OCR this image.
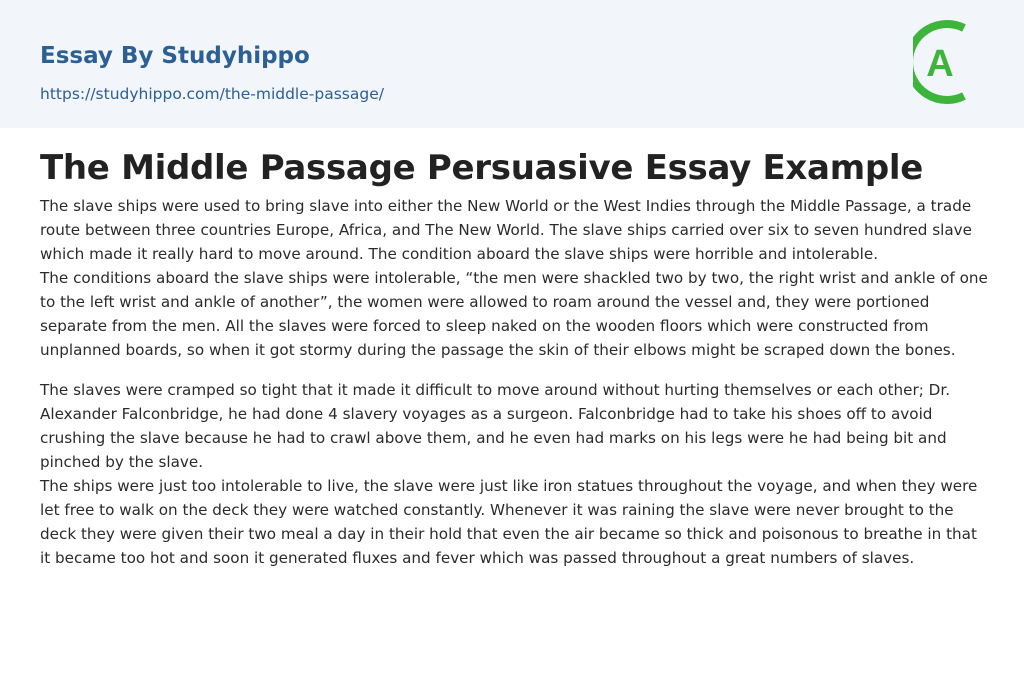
Essay By Studyhippo
https://studyhippo.com/the-middle-passage/
A
The Middle Passage Persuasive Essay Example

The slave ships were used to bring slave into either the New World or the West Indies through the Middle Passage, a trade route between three countries Europe, Africa, and The New World. The slave ships carried over six to seven hundred slave which made it really hard to move around. The condition aboard the slave ships were horrible and intolerable.

The conditions aboard the slave ships were intolerable, “the men were shackled two by two, the right wrist and ankle of one to the left wrist and ankle of another”, the women were allowed to roam around the vessel and, they were portioned separate from the men. All the slaves were forced to sleep naked on the wooden floors which were constructed from unplanned boards, so when it got stormy during the passage the skin of their elbows might be scraped down the bones.

The slaves were cramped so tight that it made it difficult to move around without hurting themselves or each other; Dr. Alexander Falconbridge, he had done 4 slavery voyages as a surgeon. Falconbridge had to take his shoes off to avoid crushing the slave because he had to crawl above them, and he even had marks on his legs were he had being bit and pinched by the slave.

The ships were just too intolerable to live, the slave were just like iron statues throughout the voyage, and when they were let free to walk on the deck they were watched constantly. Whenever it was raining the slave were never brought to the deck they were given their two meal a day in their hold that even the air became so thick and poisonous to breathe in that it became too hot and soon it generated fluxes and fever which was passed throughout a great numbers of slaves.
